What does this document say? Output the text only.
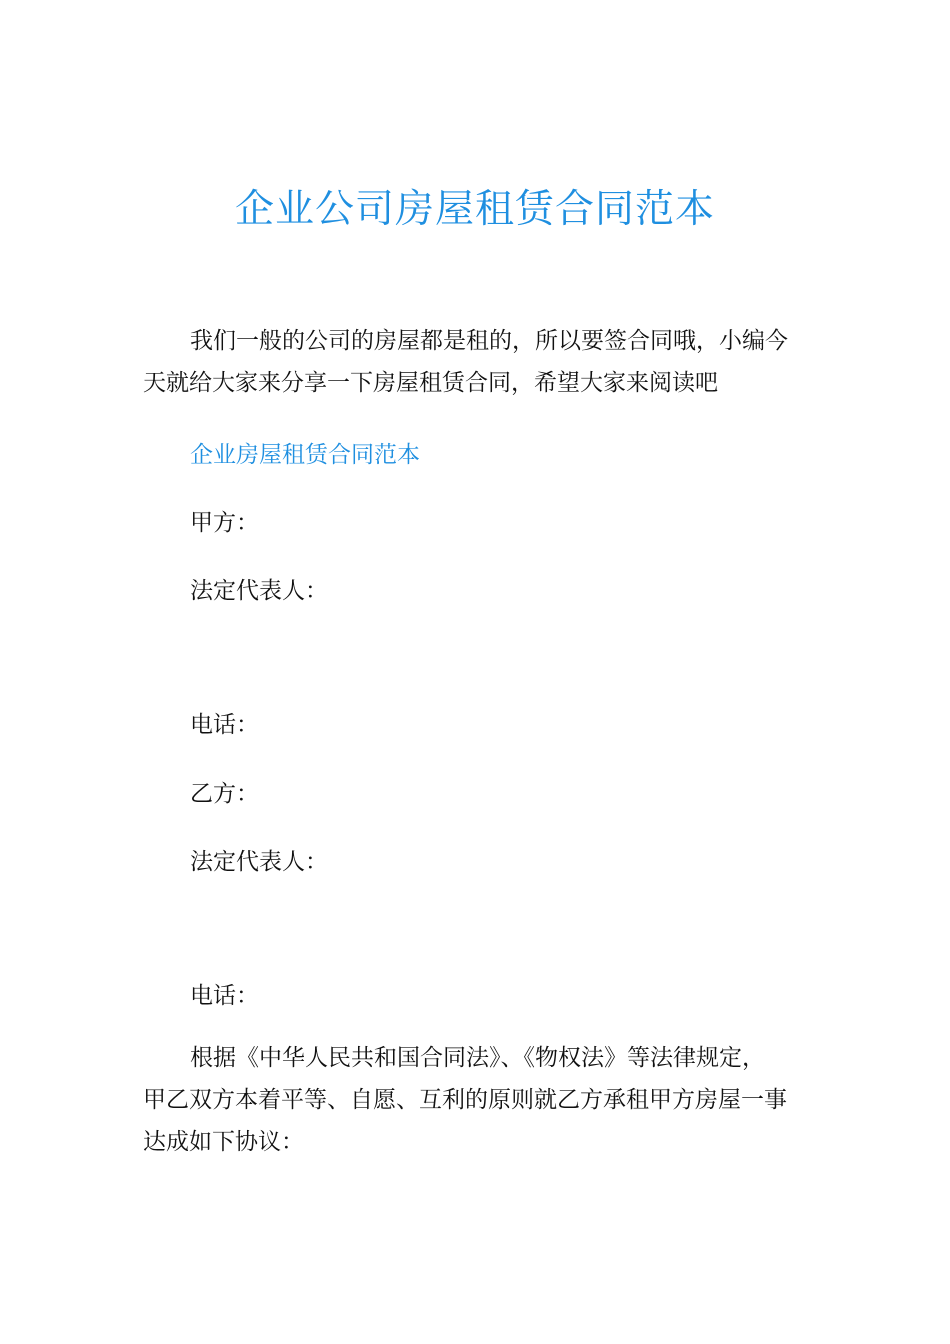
企业公司房屋租赁合同范本

我们一般的公司的房屋都是租的，所以要签合同哦，小编今
天就给大家来分享一下房屋租赁合同，希望大家来阅读吧

企业房屋租赁合同范本

甲方：

法定代表人：

电话：

乙方：

法定代表人：

电话：

根据《中华人民共和国合同法》、《物权法》等法律规定，
甲乙双方本着平等、自愿、互利的原则就乙方承租甲方房屋一事
达成如下协议：
